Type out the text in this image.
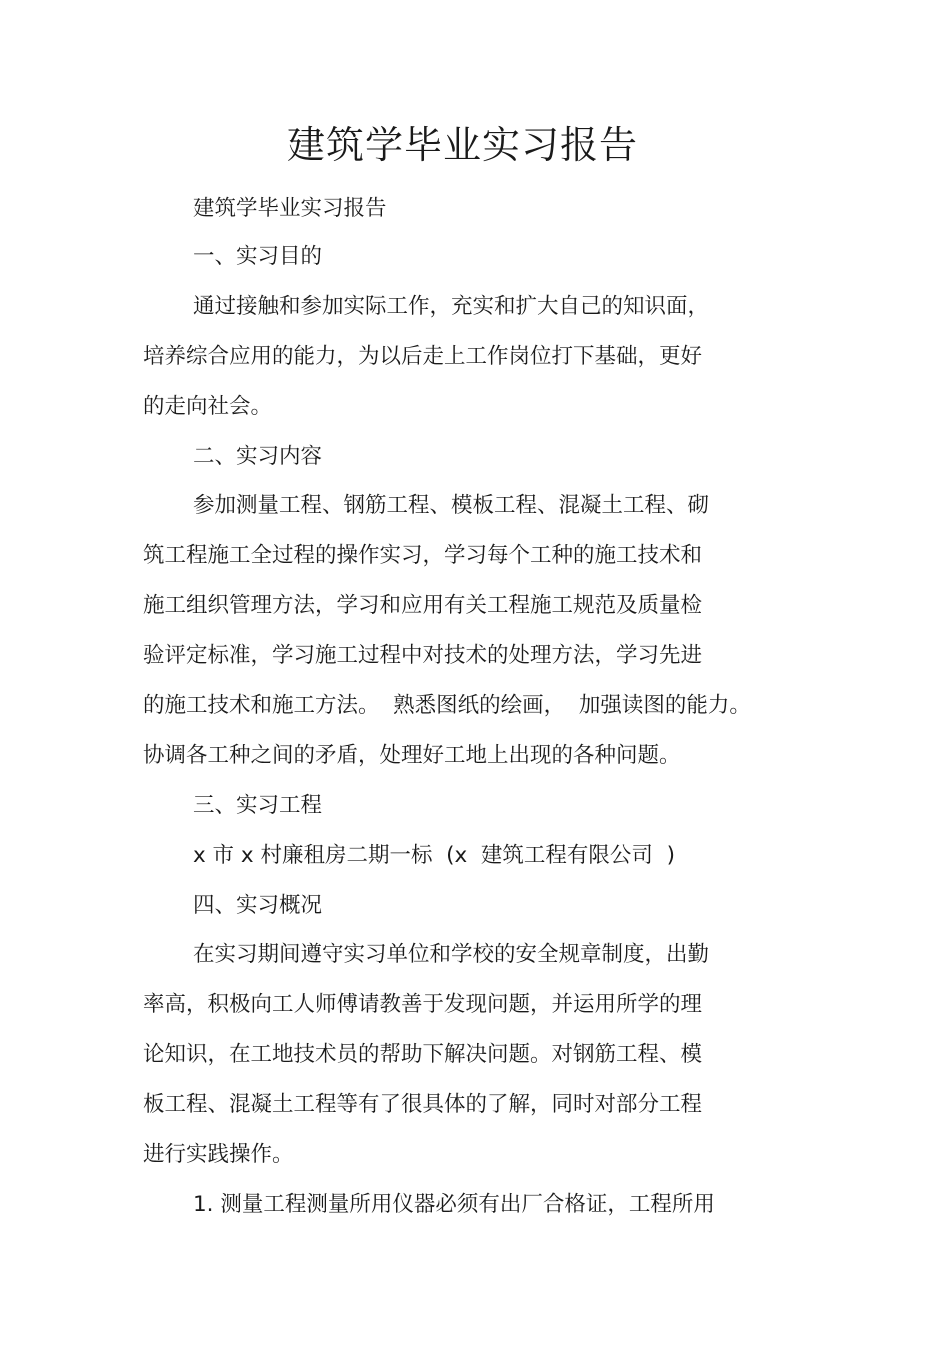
建筑学毕业实习报告

建筑学毕业实习报告

一、实习目的

通过接触和参加实际工作，充实和扩大自己的知识面，

培养综合应用的能力，为以后走上工作岗位打下基础，更好

的走向社会。

二、实习内容

参加测量工程、钢筋工程、模板工程、混凝土工程、砌

筑工程施工全过程的操作实习，学习每个工种的施工技术和

施工组织管理方法，学习和应用有关工程施工规范及质量检

验评定标准，学习施工过程中对技术的处理方法，学习先进

的施工技术和施工方法。  熟悉图纸的绘画，  加强读图的能力。

协调各工种之间的矛盾，处理好工地上出现的各种问题。

三、实习工程

x 市 x 村廉租房二期一标  (x  建筑工程有限公司  )

四、实习概况

在实习期间遵守实习单位和学校的安全规章制度，出勤

率高，积极向工人师傅请教善于发现问题，并运用所学的理

论知识，在工地技术员的帮助下解决问题。对钢筋工程、模

板工程、混凝土工程等有了很具体的了解，同时对部分工程

进行实践操作。

1. 测量工程测量所用仪器必须有出厂合格证，工程所用
